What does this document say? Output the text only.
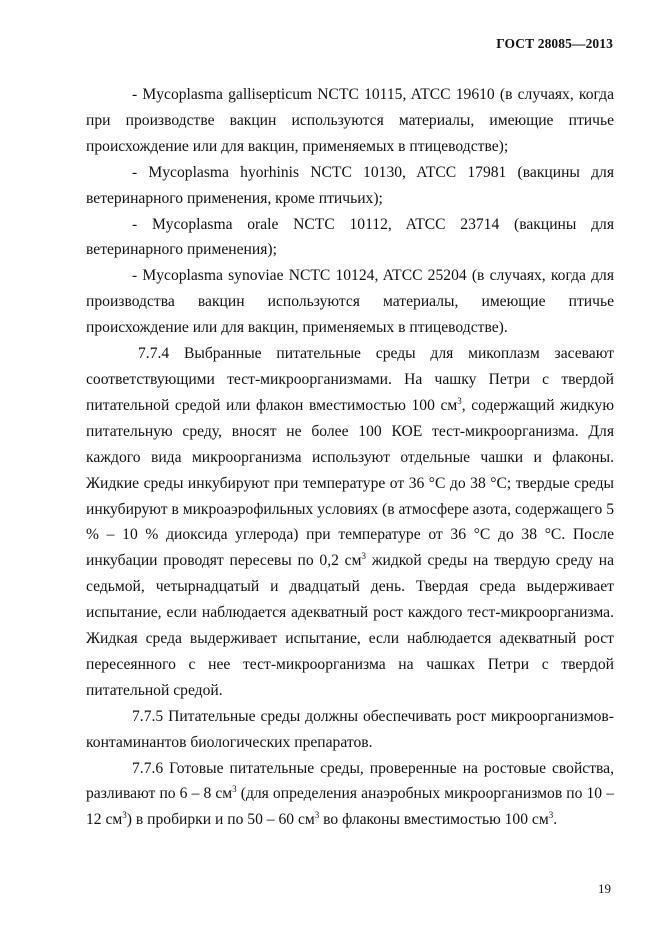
ГОСТ 28085—2013

- Mycoplasma gallisepticum NCTC 10115, ATCC 19610 (в случаях, когда при производстве вакцин используются материалы, имеющие птичье происхождение или для вакцин, применяемых в птицеводстве);

- Mycoplasma hyorhinis NCTC 10130, ATCC 17981 (вакцины для ветеринарного применения, кроме птичьих);

- Mycoplasma orale NCTC 10112, ATCC 23714 (вакцины для ветеринарного применения);

- Mycoplasma synoviae NCTC 10124, ATCC 25204 (в случаях, когда для производства вакцин используются материалы, имеющие птичье происхождение или для вакцин, применяемых в птицеводстве).

7.7.4 Выбранные питательные среды для микоплазм засевают соответствующими тест-микроорганизмами. На чашку Петри с твердой питательной средой или флакон вместимостью 100 $см^3$, содержащий жидкую питательную среду, вносят не более 100 КОЕ тест-микроорганизма. Для каждого вида микроорганизма используют отдельные чашки и флаконы. Жидкие среды инкубируют при температуре от 36 °С до 38 °С; твердые среды инкубируют в микроаэрофильных условиях (в атмосфере азота, содержащего 5 % – 10 % диоксида углерода) при температуре от 36 °С до 38 °С. После инкубации проводят пересевы по 0,2 $см^3$ жидкой среды на твердую среду на седьмой, четырнадцатый и двадцатый день. Твердая среда выдерживает испытание, если наблюдается адекватный рост каждого тест-микроорганизма. Жидкая среда выдерживает испытание, если наблюдается адекватный рост пересеянного с нее тест-микроорганизма на чашках Петри с твердой питательной средой.

7.7.5 Питательные среды должны обеспечивать рост микроорганизмов-контаминантов биологических препаратов.

7.7.6 Готовые питательные среды, проверенные на ростовые свойства, разливают по 6 – 8 $см^3$ (для определения анаэробных микроорганизмов по 10 – 12 $см^3$) в пробирки и по 50 – 60 $см^3$ во флаконы вместимостью 100 $см^3$.

19
